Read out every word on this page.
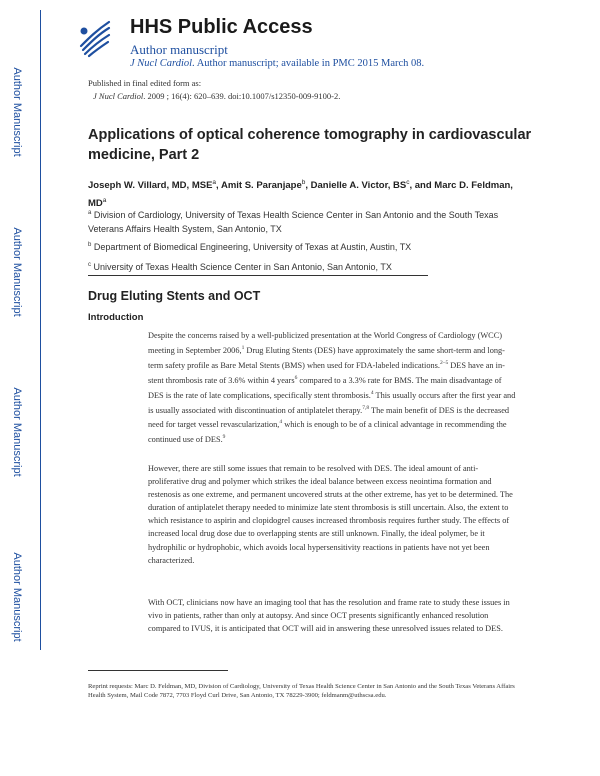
Author Manuscript
Author Manuscript
Author Manuscript
Author Manuscript
HHS Public Access
Author manuscript
J Nucl Cardiol. Author manuscript; available in PMC 2015 March 08.
Published in final edited form as:
J Nucl Cardiol. 2009 ; 16(4): 620–639. doi:10.1007/s12350-009-9100-2.
Applications of optical coherence tomography in cardiovascular medicine, Part 2
Joseph W. Villard, MD, MSE$^a$, Amit S. Paranjape$^b$, Danielle A. Victor, $BS^c$, and Marc D. Feldman, $MD^a$
$^a$ Division of Cardiology, University of Texas Health Science Center in San Antonio and the South Texas Veterans Affairs Health System, San Antonio, TX
$^b$ Department of Biomedical Engineering, University of Texas at Austin, Austin, TX
$^c$ University of Texas Health Science Center in San Antonio, San Antonio, TX
Drug Eluting Stents and OCT
Introduction

Despite the concerns raised by a well-publicized presentation at the World Congress of Cardiology (WCC) meeting in September 2006,$^1$ Drug Eluting Stents (DES) have approximately the same short-term and long-term safety profile as Bare Metal Stents (BMS) when used for FDA-labeled indications.$^{2-5}$ DES have an in-stent thrombosis rate of 3.6% within 4 years$^6$ compared to a 3.3% rate for BMS. The main disadvantage of DES is the rate of late complications, specifically stent thrombosis.$^4$ This usually occurs after the first year and is usually associated with discontinuation of antiplatelet therapy.$^{7,8}$ The main benefit of DES is the decreased need for target vessel revascularization,$^4$ which is enough to be of a clinical advantage in recommending the continued use of DES.$^9$

However, there are still some issues that remain to be resolved with DES. The ideal amount of anti-proliferative drug and polymer which strikes the ideal balance between excess neointima formation and restenosis as one extreme, and permanent uncovered struts at the other extreme, has yet to be determined. The duration of antiplatelet therapy needed to minimize late stent thrombosis is still uncertain. Also, the extent to which resistance to aspirin and clopidogrel causes increased thrombosis requires further study. The effects of increased local drug dose due to overlapping stents are still unknown. Finally, the ideal polymer, be it hydrophilic or hydrophobic, which avoids local hypersensitivity reactions in patients have not yet been characterized.

With OCT, clinicians now have an imaging tool that has the resolution and frame rate to study these issues in vivo in patients, rather than only at autopsy. And since OCT presents significantly enhanced resolution compared to IVUS, it is anticipated that OCT will aid in answering these unresolved issues related to DES.

Reprint requests: Marc D. Feldman, MD, Division of Cardiology, University of Texas Health Science Center in San Antonio and the South Texas Veterans Affairs Health System, Mail Code 7872, 7703 Floyd Curl Drive, San Antonio, TX 78229-3900; feldmanm@uthscsa.edu.
